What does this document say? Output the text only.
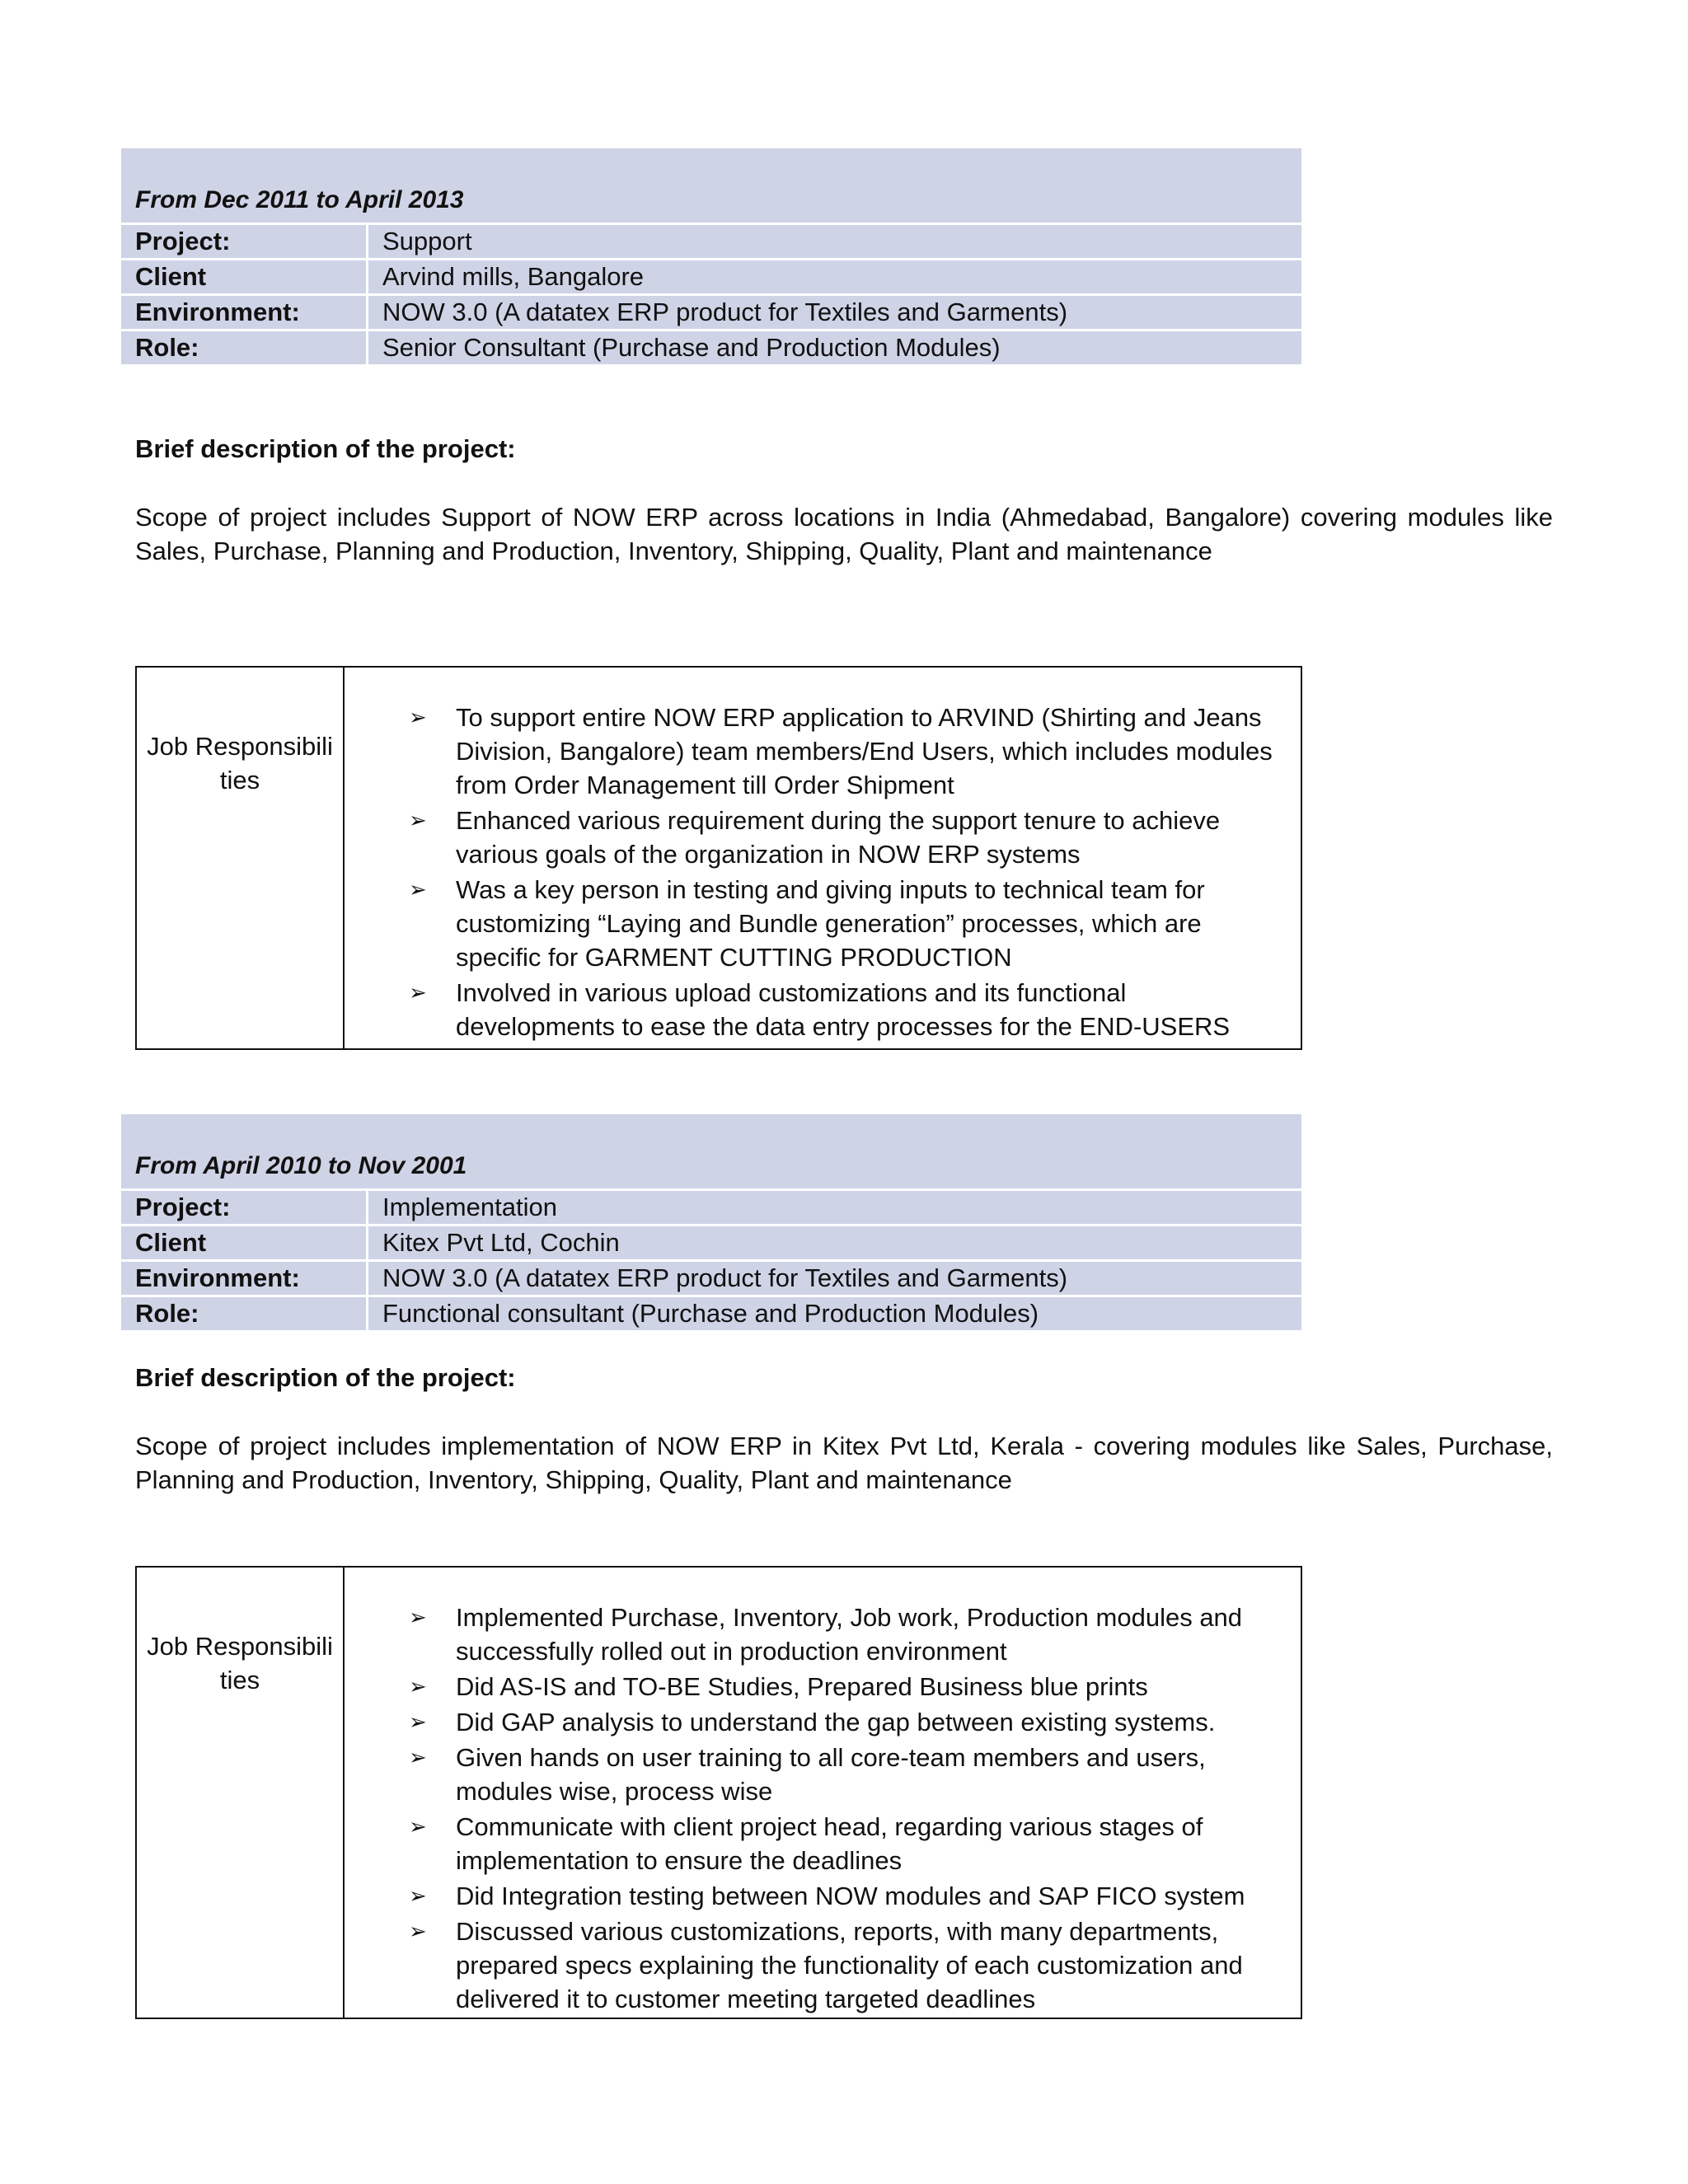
From Dec 2011 to April 2013
Project:	Support
Client	Arvind mills, Bangalore
Environment:	NOW 3.0 (A datatex ERP product for Textiles and Garments)
Role:	Senior Consultant (Purchase and Production Modules)
Brief description of the project:
Scope of project includes Support of NOW ERP across locations in India (Ahmedabad, Bangalore) covering modules like Sales, Purchase, Planning and Production, Inventory, Shipping, Quality, Plant and maintenance
Job Responsibilities
➢ To support entire NOW ERP application to ARVIND (Shirting and Jeans Division, Bangalore) team members/End Users, which includes modules from Order Management till Order Shipment
➢ Enhanced various requirement during the support tenure to achieve various goals of the organization in NOW ERP systems
➢ Was a key person in testing and giving inputs to technical team for customizing “Laying and Bundle generation” processes, which are specific for GARMENT CUTTING PRODUCTION
➢ Involved in various upload customizations and its functional developments to ease the data entry processes for the END-USERS
From April 2010 to Nov 2001
Project:	Implementation
Client	Kitex Pvt Ltd, Cochin
Environment:	NOW 3.0 (A datatex ERP product for Textiles and Garments)
Role:	Functional consultant (Purchase and Production Modules)
Brief description of the project:
Scope of project includes implementation of NOW ERP in Kitex Pvt Ltd, Kerala - covering modules like Sales, Purchase, Planning and Production, Inventory, Shipping, Quality, Plant and maintenance
Job Responsibilities
➢ Implemented Purchase, Inventory, Job work, Production modules and successfully rolled out in production environment
➢ Did AS-IS and TO-BE Studies, Prepared Business blue prints
➢ Did GAP analysis to understand the gap between existing systems.
➢ Given hands on user training to all core-team members and users, modules wise, process wise
➢ Communicate with client project head, regarding various stages of implementation to ensure the deadlines
➢ Did Integration testing between NOW modules and SAP FICO system
➢ Discussed various customizations, reports, with many departments, prepared specs explaining the functionality of each customization and delivered it to customer meeting targeted deadlines
